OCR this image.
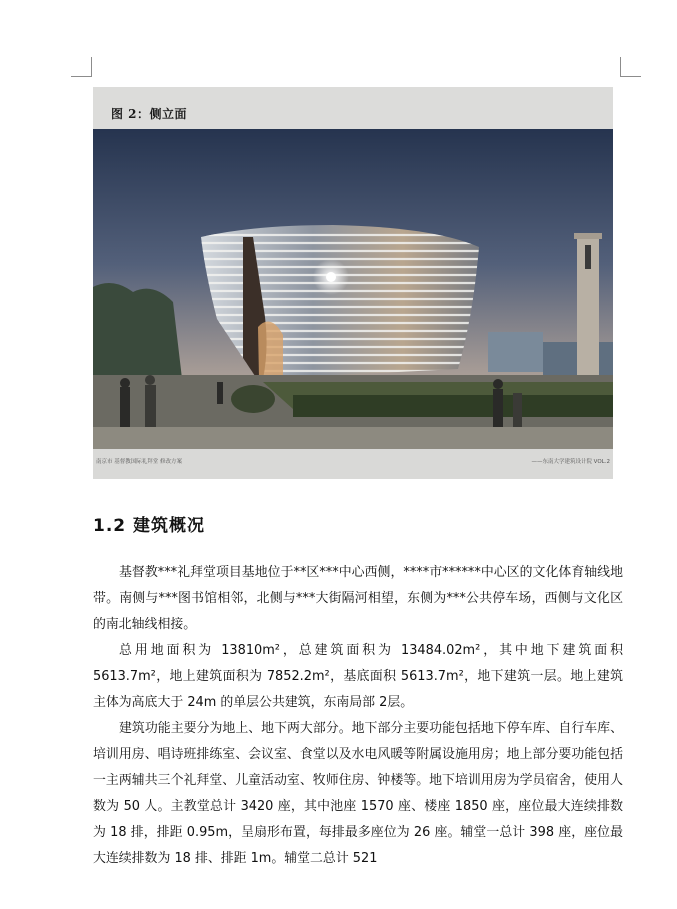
图 2：侧立面
南京市 基督教国际礼拜堂 修改方案	——东南大学建筑设计院 VOL.2
1.2 建筑概况

基督教***礼拜堂项目基地位于**区***中心西侧，****市******中心区的文化体育轴线地带。南侧与***图书馆相邻，北侧与***大街隔河相望，东侧为***公共停车场，西侧与文化区的南北轴线相接。

总用地面积为 13810m²，总建筑面积为 13484.02m²，其中地下建筑面积 5613.7m²，地上建筑面积为 7852.2m²，基底面积 5613.7m²，地下建筑一层。地上建筑主体为高底大于 24m 的单层公共建筑，东南局部 2层。

建筑功能主要分为地上、地下两大部分。地下部分主要功能包括地下停车库、自行车库、培训用房、唱诗班排练室、会议室、食堂以及水电风暖等附属设施用房；地上部分要功能包括一主两辅共三个礼拜堂、儿童活动室、牧师住房、钟楼等。地下培训用房为学员宿舍，使用人数为 50 人。主教堂总计 3420 座，其中池座 1570 座、楼座 1850 座，座位最大连续排数为 18 排，排距 0.95m，呈扇形布置，每排最多座位为 26 座。辅堂一总计 398 座，座位最大连续排数为 18 排、排距 1m。辅堂二总计 521
